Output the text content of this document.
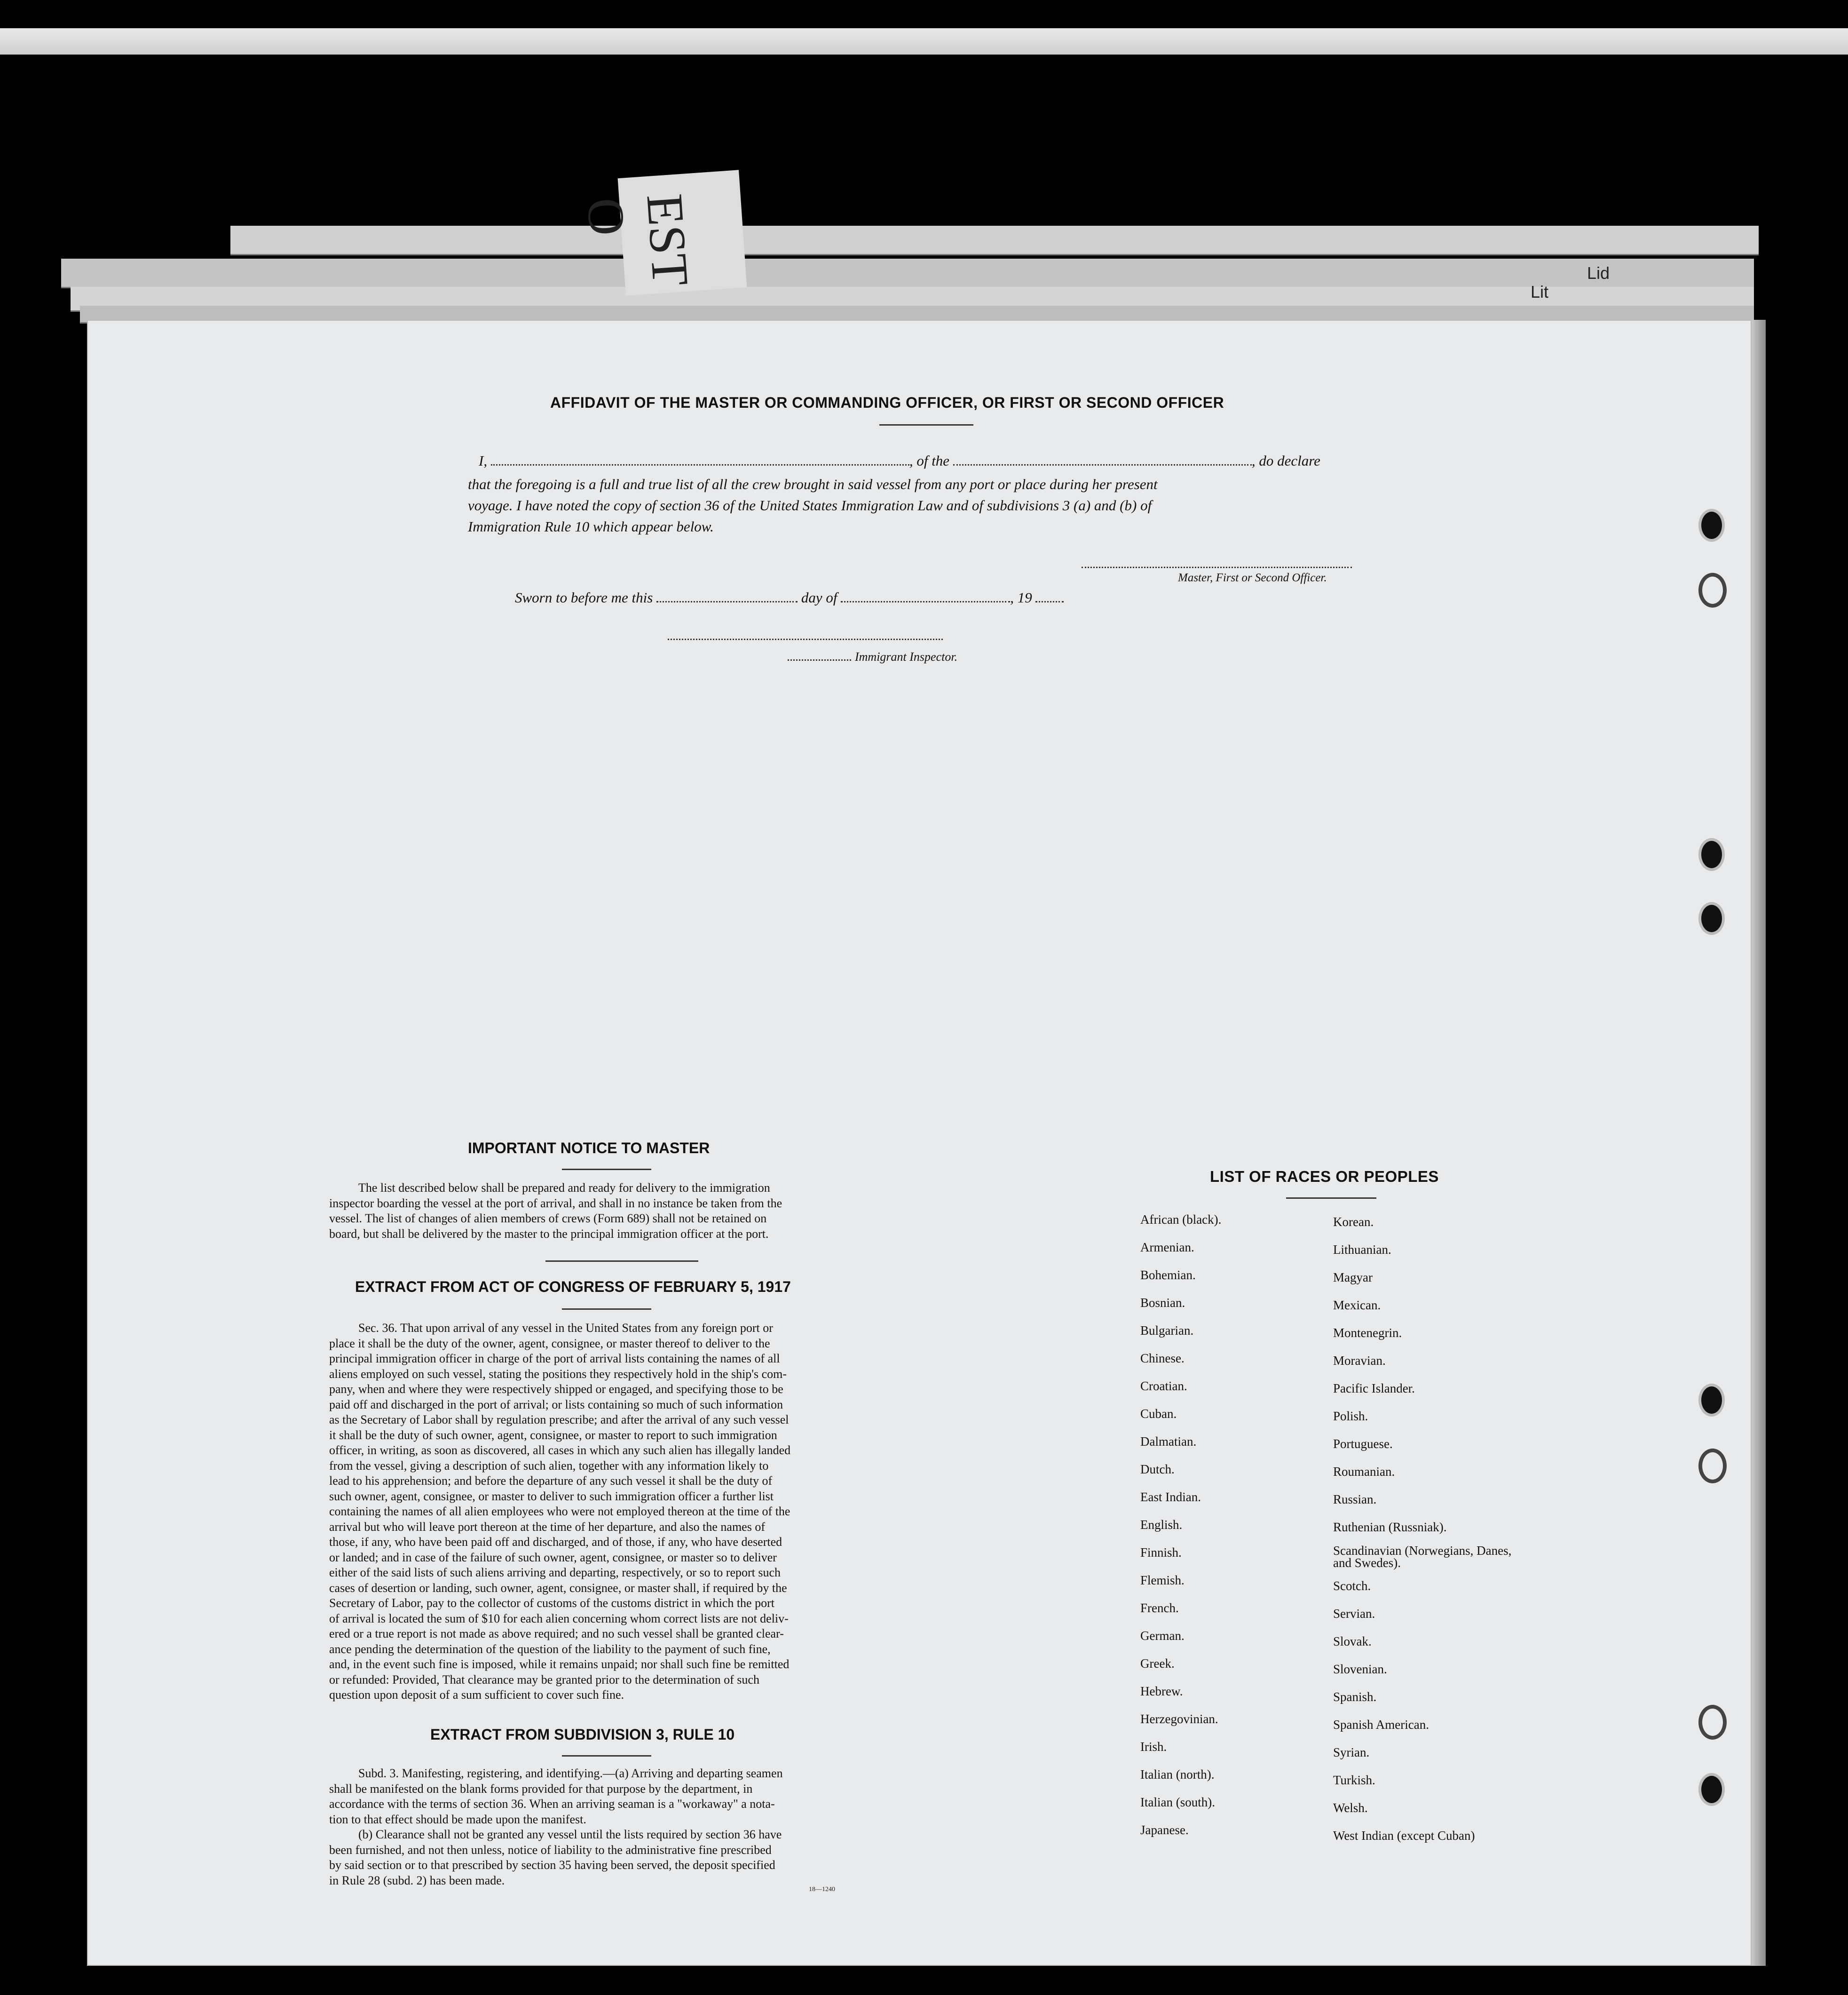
EST O
Lit
Lid
AFFIDAVIT OF THE MASTER OR COMMANDING OFFICER, OR FIRST OR SECOND OFFICER
I,	, of the	, do declare
that the foregoing is a full and true list of all the crew brought in said vessel from any port or place during her present
voyage. I have noted the copy of section 36 of the United States Immigration Law and of subdivisions 3 (a) and (b) of
Immigration Rule 10 which appear below.
Master, First or Second Officer.
Sworn to before me this	day of	, 19
Immigrant Inspector.
IMPORTANT NOTICE TO MASTER
The list described below shall be prepared and ready for delivery to the immigration
inspector boarding the vessel at the port of arrival, and shall in no instance be taken from the
vessel. The list of changes of alien members of crews (Form 689) shall not be retained on
board, but shall be delivered by the master to the principal immigration officer at the port.
EXTRACT FROM ACT OF CONGRESS OF FEBRUARY 5, 1917
Sec. 36. That upon arrival of any vessel in the United States from any foreign port or
place it shall be the duty of the owner, agent, consignee, or master thereof to deliver to the
principal immigration officer in charge of the port of arrival lists containing the names of all
aliens employed on such vessel, stating the positions they respectively hold in the ship's com-
pany, when and where they were respectively shipped or engaged, and specifying those to be
paid off and discharged in the port of arrival; or lists containing so much of such information
as the Secretary of Labor shall by regulation prescribe; and after the arrival of any such vessel
it shall be the duty of such owner, agent, consignee, or master to report to such immigration
officer, in writing, as soon as discovered, all cases in which any such alien has illegally landed
from the vessel, giving a description of such alien, together with any information likely to
lead to his apprehension; and before the departure of any such vessel it shall be the duty of
such owner, agent, consignee, or master to deliver to such immigration officer a further list
containing the names of all alien employees who were not employed thereon at the time of the
arrival but who will leave port thereon at the time of her departure, and also the names of
those, if any, who have been paid off and discharged, and of those, if any, who have deserted
or landed; and in case of the failure of such owner, agent, consignee, or master so to deliver
either of the said lists of such aliens arriving and departing, respectively, or so to report such
cases of desertion or landing, such owner, agent, consignee, or master shall, if required by the
Secretary of Labor, pay to the collector of customs of the customs district in which the port
of arrival is located the sum of $10 for each alien concerning whom correct lists are not deliv-
ered or a true report is not made as above required; and no such vessel shall be granted clear-
ance pending the determination of the question of the liability to the payment of such fine,
and, in the event such fine is imposed, while it remains unpaid; nor shall such fine be remitted
or refunded: Provided, That clearance may be granted prior to the determination of such
question upon deposit of a sum sufficient to cover such fine.
EXTRACT FROM SUBDIVISION 3, RULE 10
Subd. 3. Manifesting, registering, and identifying.—(a) Arriving and departing seamen
shall be manifested on the blank forms provided for that purpose by the department, in
accordance with the terms of section 36. When an arriving seaman is a "workaway" a nota-
tion to that effect should be made upon the manifest.
(b) Clearance shall not be granted any vessel until the lists required by section 36 have
been furnished, and not then unless, notice of liability to the administrative fine prescribed
by said section or to that prescribed by section 35 having been served, the deposit specified
in Rule 28 (subd. 2) has been made.
18—1240
LIST OF RACES OR PEOPLES
African (black).
Armenian.
Bohemian.
Bosnian.
Bulgarian.
Chinese.
Croatian.
Cuban.
Dalmatian.
Dutch.
East Indian.
English.
Finnish.
Flemish.
French.
German.
Greek.
Hebrew.
Herzegovinian.
Irish.
Italian (north).
Italian (south).
Japanese.
Korean.
Lithuanian.
Magyar
Mexican.
Montenegrin.
Moravian.
Pacific Islander.
Polish.
Portuguese.
Roumanian.
Russian.
Ruthenian (Russniak).
Scandinavian (Norwegians, Danes, and Swedes).
Scotch.
Servian.
Slovak.
Slovenian.
Spanish.
Spanish American.
Syrian.
Turkish.
Welsh.
West Indian (except Cuban)
